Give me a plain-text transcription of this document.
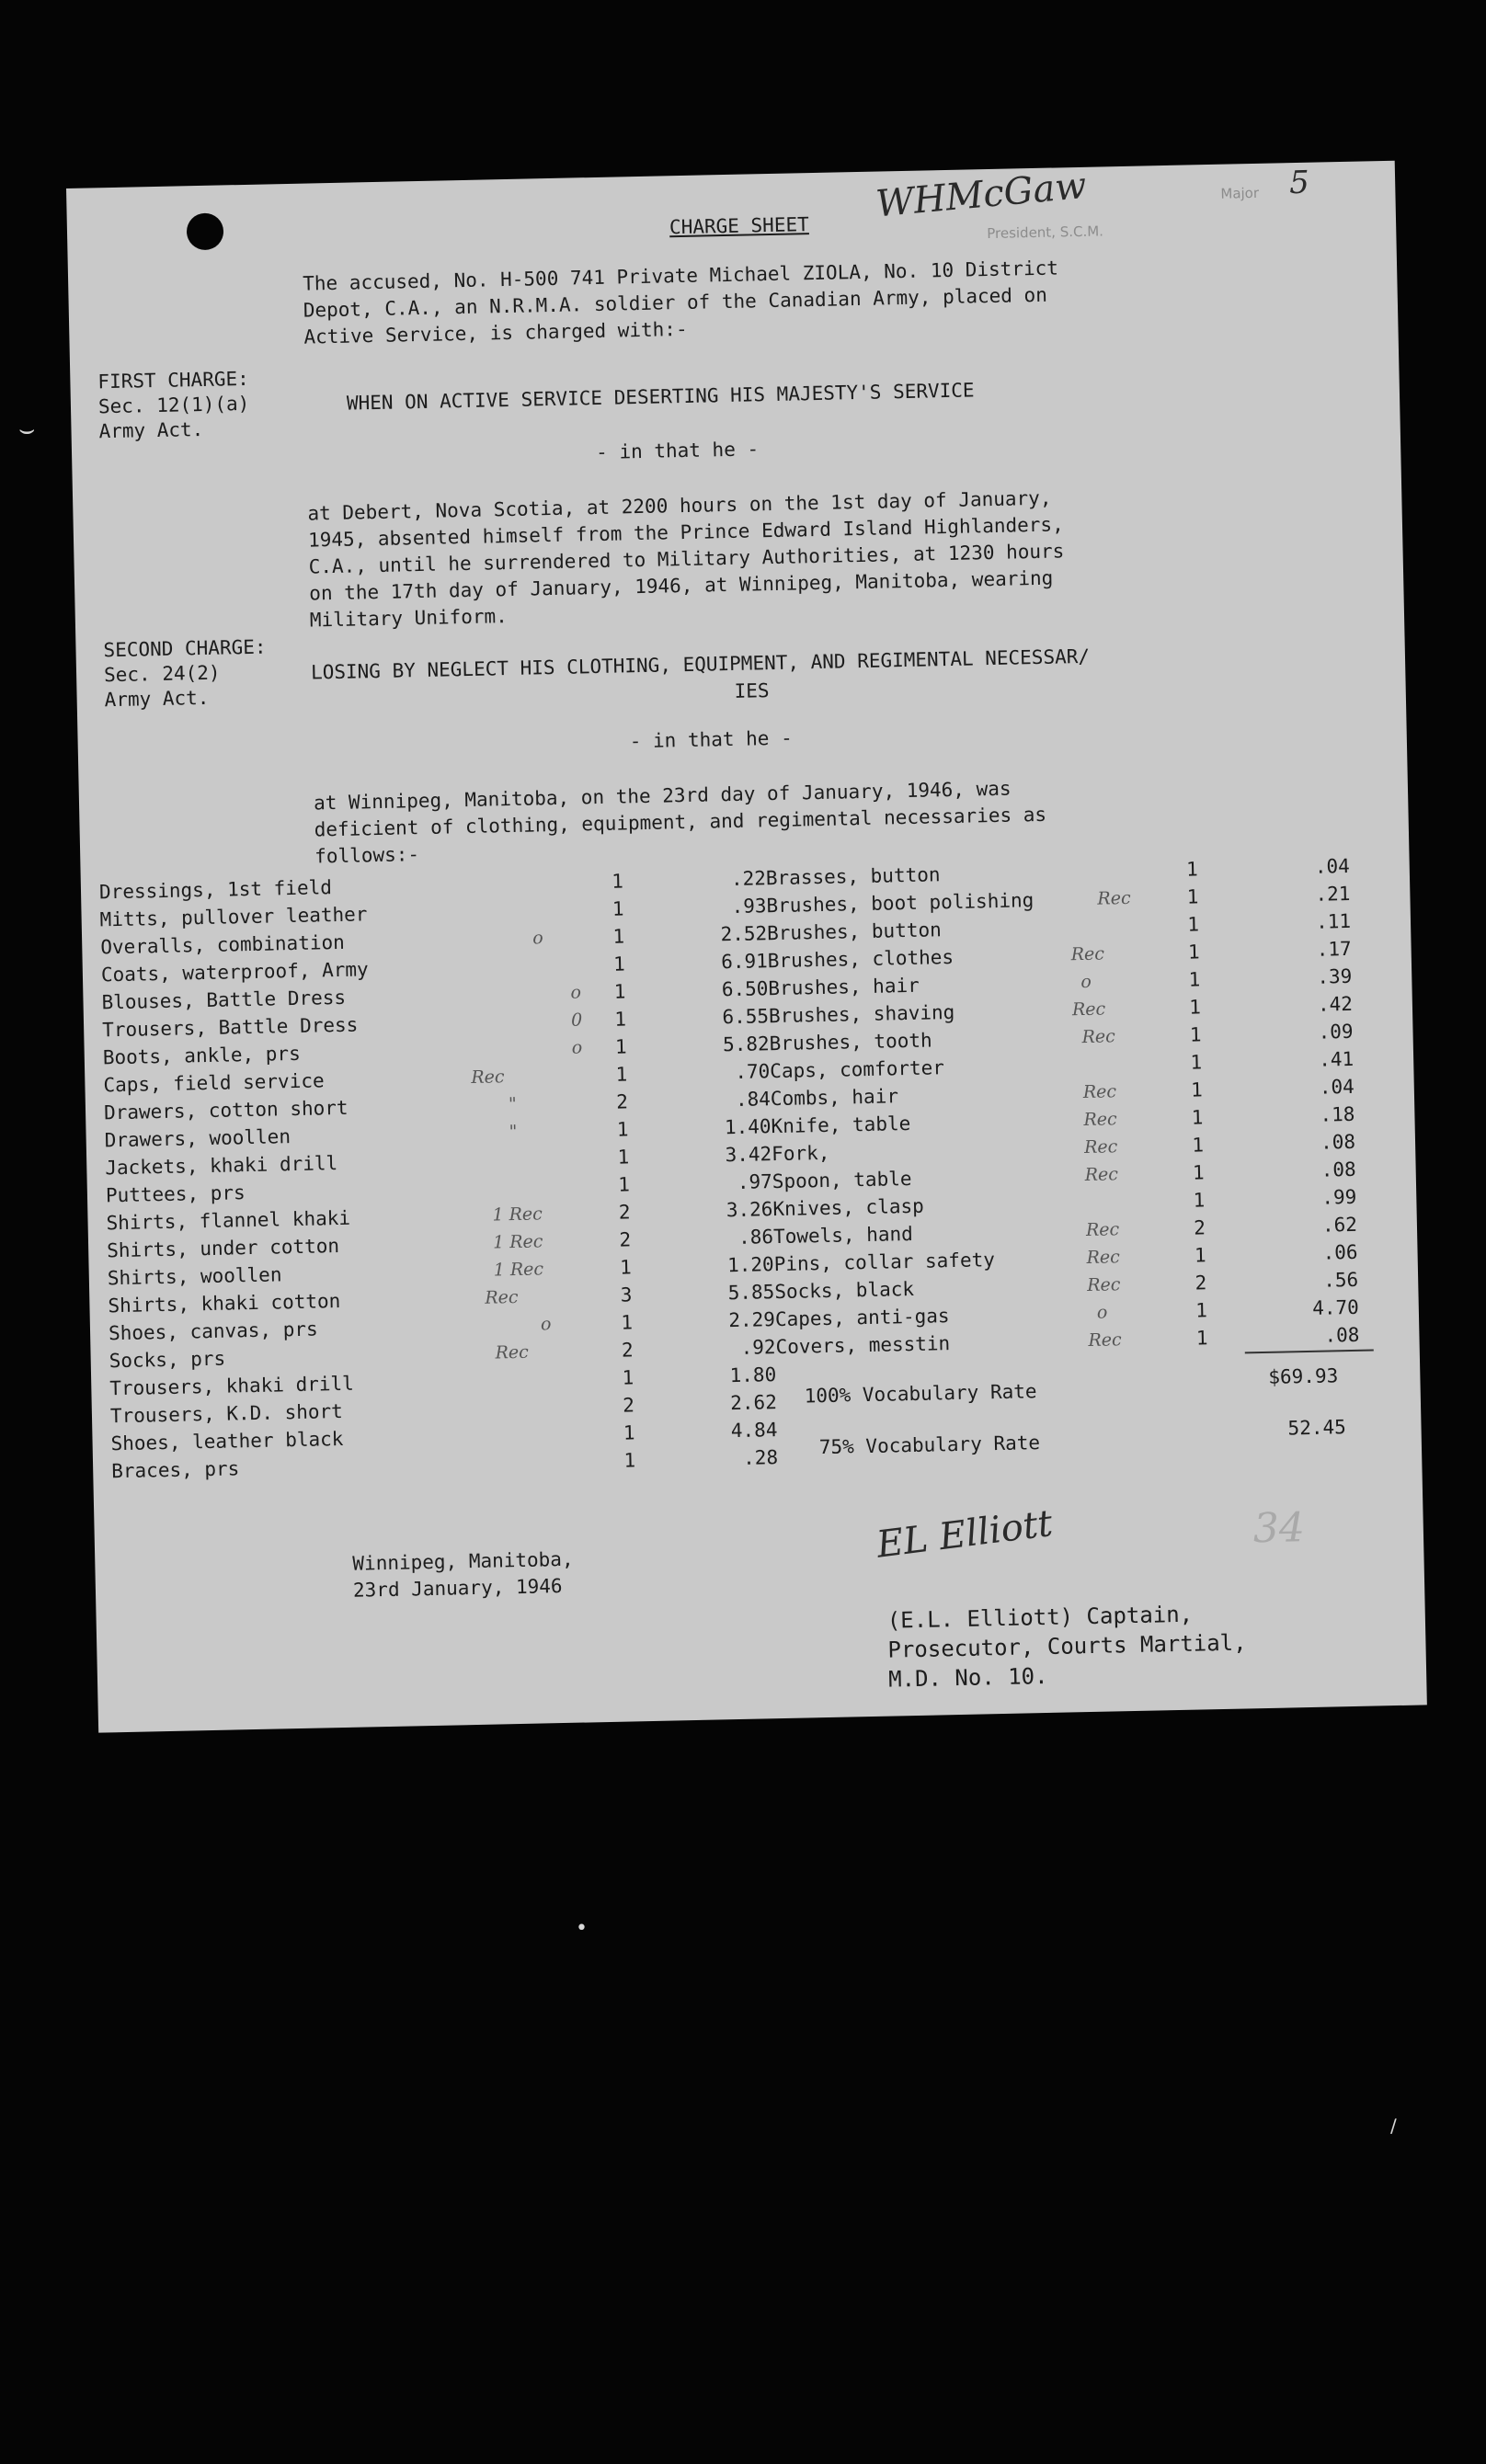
CHARGE SHEET
WHMcGaw	Major
President, S.C.M.
5
The accused, No. H-500 741 Private Michael ZIOLA, No. 10 District
Depot, C.A., an N.R.M.A. soldier of the Canadian Army, placed on
Active Service, is charged with:-
FIRST CHARGE:
Sec. 12(1)(a)
Army Act.
WHEN ON ACTIVE SERVICE DESERTING HIS MAJESTY'S SERVICE
- in that he -
at Debert, Nova Scotia, at 2200 hours on the 1st day of January,
1945, absented himself from the Prince Edward Island Highlanders,
C.A., until he surrendered to Military Authorities, at 1230 hours
on the 17th day of January, 1946, at Winnipeg, Manitoba, wearing
Military Uniform.
SECOND CHARGE:
Sec. 24(2)
Army Act.
LOSING BY NEGLECT HIS CLOTHING, EQUIPMENT, AND REGIMENTAL NECESSAR/
IES
- in that he -
at Winnipeg, Manitoba, on the 23rd day of January, 1946, was
deficient of clothing, equipment, and regimental necessaries as
follows:-
Dressings, 1st field	1	.22
Mitts, pullover leather	1	.93
Overalls, combination	o	1	2.52
Coats, waterproof, Army	1	6.91
Blouses, Battle Dress	o	1	6.50
Trousers, Battle Dress	0	1	6.55
Boots, ankle, prs	o	1	5.82
Caps, field service	Rec	1	.70
Drawers, cotton short	"	2	.84
Drawers, woollen	"	1	1.40
Jackets, khaki drill	1	3.42
Puttees, prs	1	.97
Shirts, flannel khaki	1 Rec	2	3.26
Shirts, under cotton	1 Rec	2	.86
Shirts, woollen	1 Rec	1	1.20
Shirts, khaki cotton	Rec	3	5.85
Shoes, canvas, prs	o	1	2.29
Socks, prs	Rec	2	.92
Trousers, khaki drill	1	1.80
Trousers, K.D. short	2	2.62
Shoes, leather black	1	4.84
Braces, prs	1	.28
Brasses, button	1	.04
Brushes, boot polishing	Rec	1	.21
Brushes, button	1	.11
Brushes, clothes	Rec	1	.17
Brushes, hair	o	1	.39
Brushes, shaving	Rec	1	.42
Brushes, tooth	Rec	1	.09
Caps, comforter	1	.41
Combs, hair	Rec	1	.04
Knife, table	Rec	1	.18
Fork,	Rec	1	.08
Spoon, table	Rec	1	.08
Knives, clasp	1	.99
Towels, hand	Rec	2	.62
Pins, collar safety	Rec	1	.06
Socks, black	Rec	2	.56
Capes, anti-gas	o	1	4.70
Covers, messtin	Rec	1	.08
100% Vocabulary Rate
$69.93
75% Vocabulary Rate
52.45
Winnipeg, Manitoba,
23rd January, 1946
EL Elliott	34
(E.L. Elliott) Captain,
Prosecutor, Courts Martial,
M.D. No. 10.
⌣
•
∕
